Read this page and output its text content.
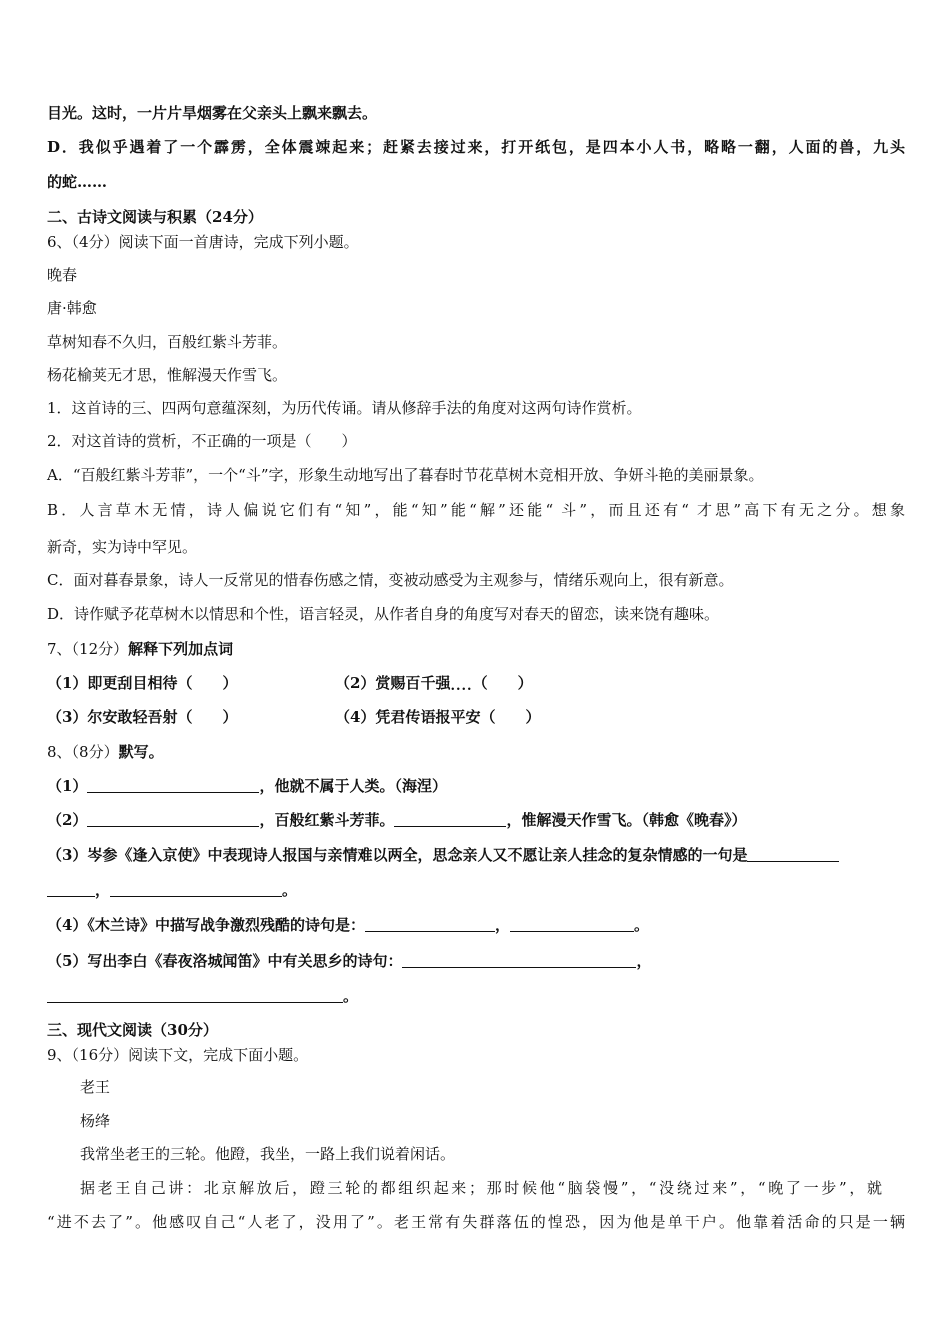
目光。这时，一片片旱烟雾在父亲头上飘来飘去。
D．我似乎遇着了一个霹雳，全体震竦起来；赶紧去接过来，打开纸包，是四本小人书，略略一翻，人面的兽，九头
的蛇……
二、古诗文阅读与积累（24分）
6、（4分）阅读下面一首唐诗，完成下列小题。
晚春
唐·韩愈
草树知春不久归，百般红紫斗芳菲。
杨花榆荚无才思，惟解漫天作雪飞。
1．这首诗的三、四两句意蕴深刻，为历代传诵。请从修辞手法的角度对这两句诗作赏析。
2．对这首诗的赏析，不正确的一项是（　　）
A．“百般红紫斗芳菲”，一个“斗”字，形象生动地写出了暮春时节花草树木竞相开放、争妍斗艳的美丽景象。
B．人言草木无情，诗人偏说它们有“知”，能“知”能“解”还能“ 斗”，而且还有“ 才思”高下有无之分。想象
新奇，实为诗中罕见。
C．面对暮春景象，诗人一反常见的惜春伤感之情，变被动感受为主观参与，情绪乐观向上，很有新意。
D．诗作赋予花草树木以情思和个性，语言轻灵，从作者自身的角度写对春天的留恋，读来饶有趣味。
7、（12分）解释下列加点词
（1）即更刮目相待（　　）	（2）赏赐百千强....（　　）
（3）尔安敢轻吾射（　　）	（4）凭君传语报平安（　　）
8、（8分）默写。
（1）	，他就不属于人类。（海涅）
（2）	，百般红紫斗芳菲。	，惟解漫天作雪飞。（韩愈《晚春》）
（3）岑参《逢入京使》中表现诗人报国与亲情难以两全，思念亲人又不愿让亲人挂念的复杂情感的一句是
，	。
（4）《木兰诗》中描写战争激烈残酷的诗句是：	，	。
（5）写出李白《春夜洛城闻笛》中有关思乡的诗句：	，
。
三、现代文阅读（30分）
9、（16分）阅读下文，完成下面小题。
老王
杨绛
我常坐老王的三轮。他蹬，我坐，一路上我们说着闲话。
据老王自己讲：北京解放后，蹬三轮的都组织起来；那时候他“脑袋慢”，“没绕过来”，“晚了一步”，就
“进不去了”。他感叹自己“人老了，没用了”。老王常有失群落伍的惶恐，因为他是单干户。他靠着活命的只是一辆
